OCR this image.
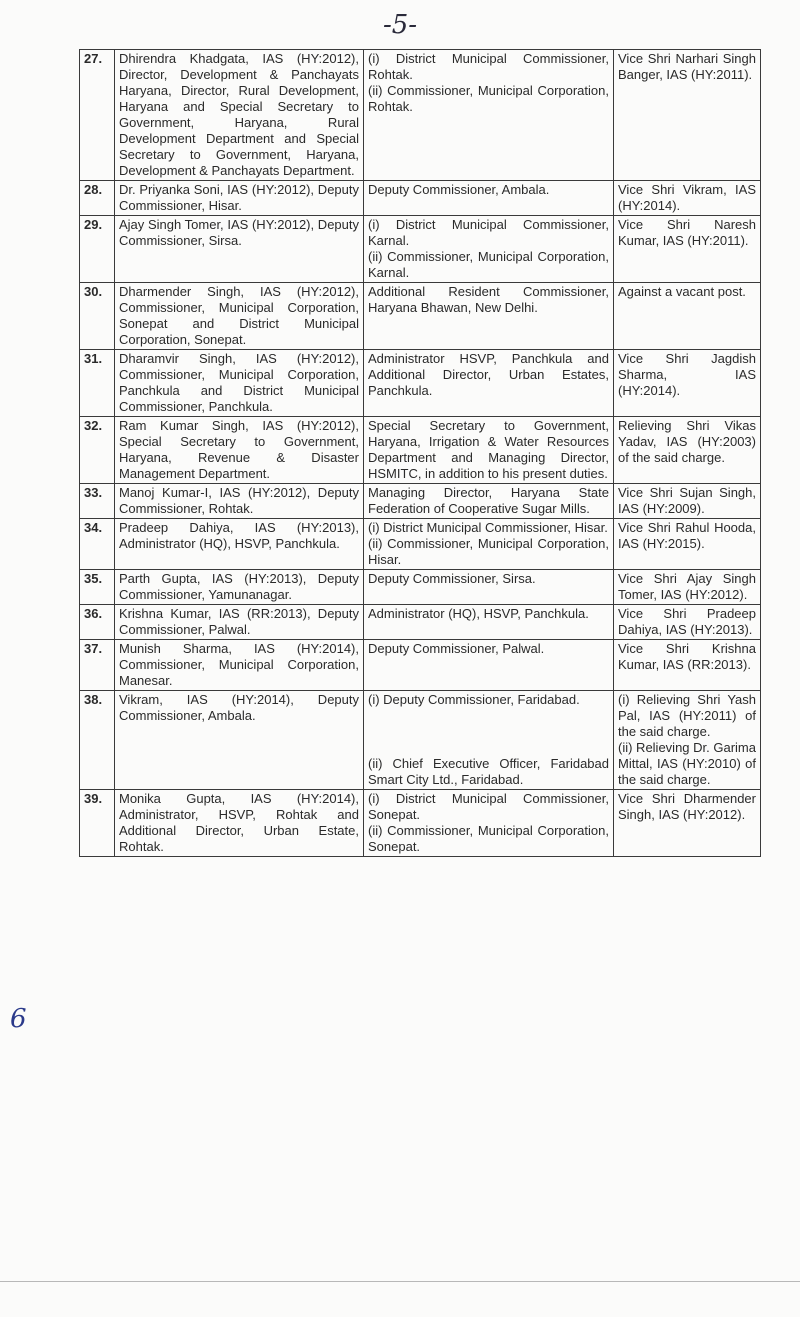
-5-
6
27.	Dhirendra Khadgata, IAS (HY:2012), Director, Development & Panchayats Haryana, Director, Rural Development, Haryana and Special Secretary to Government, Haryana, Rural Development Department and Special Secretary to Government, Haryana, Development & Panchayats Department.	(i) District Municipal Commissioner, Rohtak.
(ii) Commissioner, Municipal Corporation, Rohtak.	Vice Shri Narhari Singh Banger, IAS (HY:2011).

28.	Dr. Priyanka Soni, IAS (HY:2012), Deputy Commissioner, Hisar.	Deputy Commissioner, Ambala.	Vice Shri Vikram, IAS (HY:2014).

29.	Ajay Singh Tomer, IAS (HY:2012), Deputy Commissioner, Sirsa.	(i) District Municipal Commissioner, Karnal.
(ii) Commissioner, Municipal Corporation, Karnal.	Vice Shri Naresh Kumar, IAS (HY:2011).

30.	Dharmender Singh, IAS (HY:2012), Commissioner, Municipal Corporation, Sonepat and District Municipal Corporation, Sonepat.	Additional Resident Commissioner, Haryana Bhawan, New Delhi.	Against a vacant post.

31.	Dharamvir Singh, IAS (HY:2012), Commissioner, Municipal Corporation, Panchkula and District Municipal Commissioner, Panchkula.	Administrator HSVP, Panchkula and Additional Director, Urban Estates, Panchkula.	Vice Shri Jagdish Sharma, IAS (HY:2014).

32.	Ram Kumar Singh, IAS (HY:2012), Special Secretary to Government, Haryana, Revenue & Disaster Management Department.	Special Secretary to Government, Haryana, Irrigation & Water Resources Department and Managing Director, HSMITC, in addition to his present duties.	Relieving Shri Vikas Yadav, IAS (HY:2003) of the said charge.

33.	Manoj Kumar-I, IAS (HY:2012), Deputy Commissioner, Rohtak.	Managing Director, Haryana State Federation of Cooperative Sugar Mills.	Vice Shri Sujan Singh, IAS (HY:2009).

34.	Pradeep Dahiya, IAS (HY:2013), Administrator (HQ), HSVP, Panchkula.	(i) District Municipal Commissioner, Hisar.
(ii) Commissioner, Municipal Corporation, Hisar.	Vice Shri Rahul Hooda, IAS (HY:2015).

35.	Parth Gupta, IAS (HY:2013), Deputy Commissioner, Yamunanagar.	Deputy Commissioner, Sirsa.	Vice Shri Ajay Singh Tomer, IAS (HY:2012).

36.	Krishna Kumar, IAS (RR:2013), Deputy Commissioner, Palwal.	Administrator (HQ), HSVP, Panchkula.	Vice Shri Pradeep Dahiya, IAS (HY:2013).

37.	Munish Sharma, IAS (HY:2014), Commissioner, Municipal Corporation, Manesar.	Deputy Commissioner, Palwal.	Vice Shri Krishna Kumar, IAS (RR:2013).

38.	Vikram, IAS (HY:2014), Deputy Commissioner, Ambala.	(i) Deputy Commissioner, Faridabad.
(ii) Chief Executive Officer, Faridabad Smart City Ltd., Faridabad.	(i) Relieving Shri Yash Pal, IAS (HY:2011) of the said charge.
(ii) Relieving Dr. Garima Mittal, IAS (HY:2010) of the said charge.

39.	Monika Gupta, IAS (HY:2014), Administrator, HSVP, Rohtak and Additional Director, Urban Estate, Rohtak.	(i) District Municipal Commissioner, Sonepat.
(ii) Commissioner, Municipal Corporation, Sonepat.	Vice Shri Dharmender Singh, IAS (HY:2012).
